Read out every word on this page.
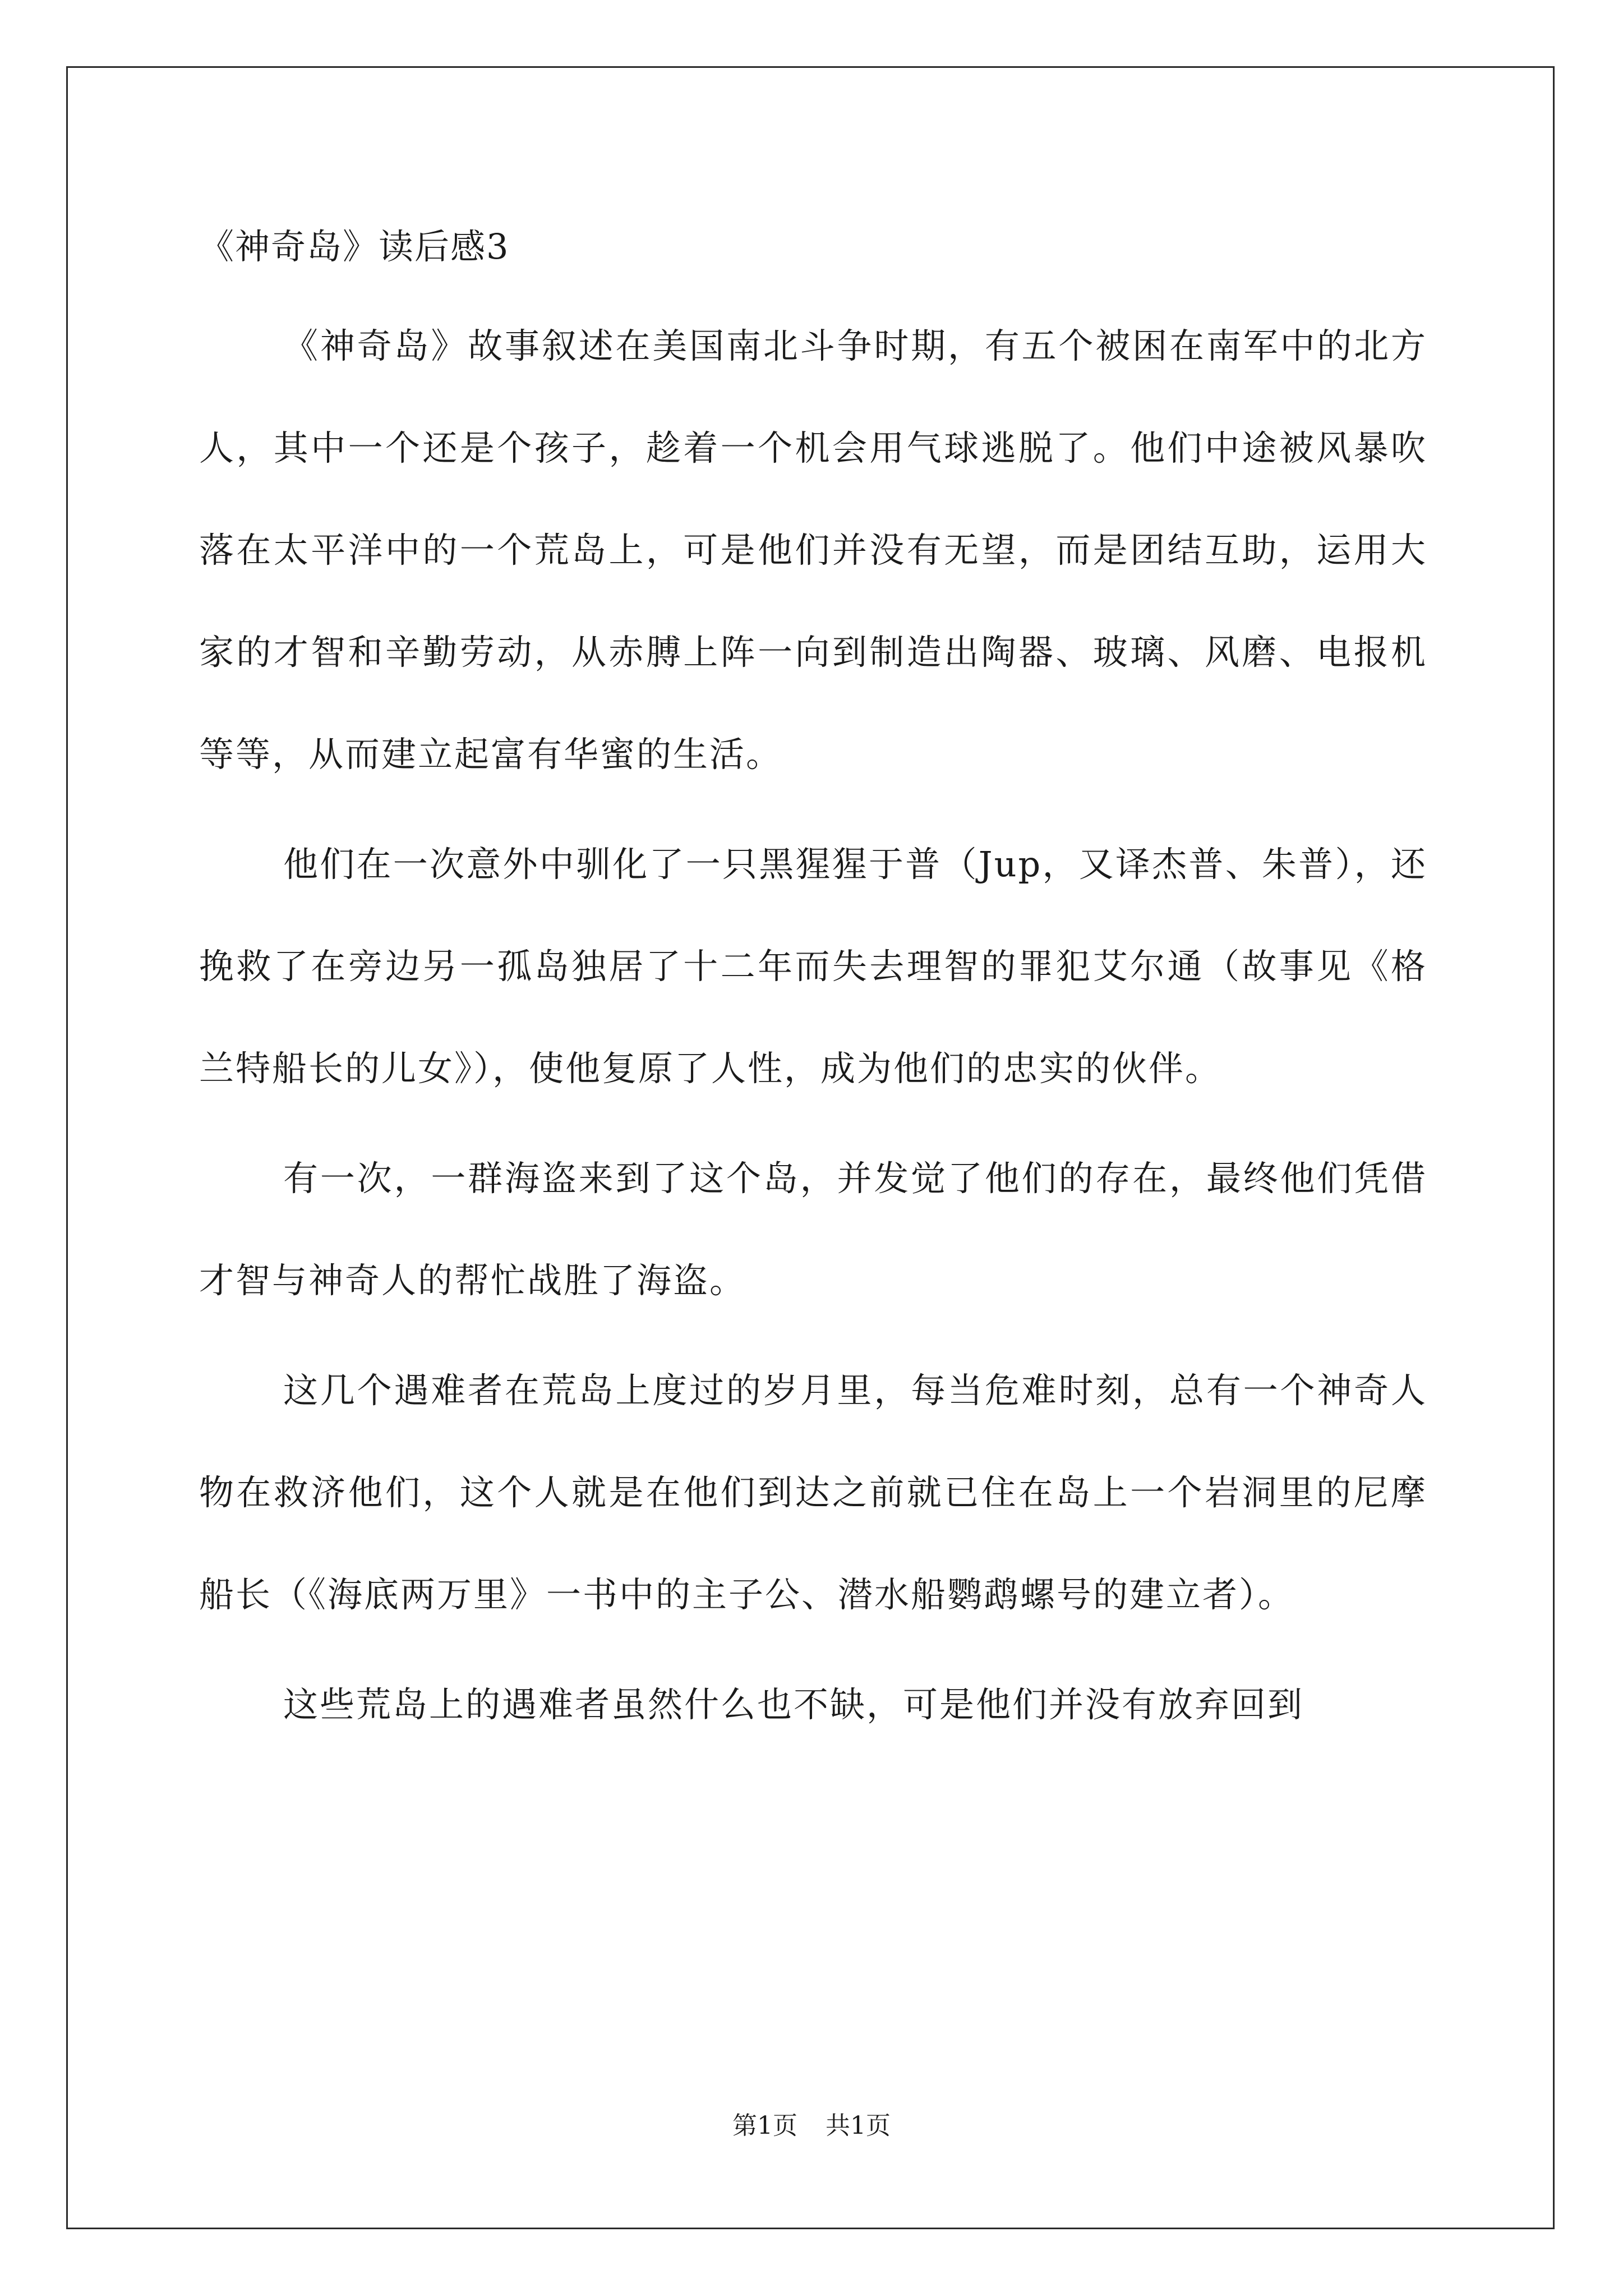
《神奇岛》读后感3

《神奇岛》故事叙述在美国南北斗争时期，有五个被困在南军中的北方人，其中一个还是个孩子，趁着一个机会用气球逃脱了。他们中途被风暴吹落在太平洋中的一个荒岛上，可是他们并没有无望，而是团结互助，运用大家的才智和辛勤劳动，从赤膊上阵一向到制造出陶器、玻璃、风磨、电报机等等，从而建立起富有华蜜的生活。

他们在一次意外中驯化了一只黑猩猩于普（Jup，又译杰普、朱普），还挽救了在旁边另一孤岛独居了十二年而失去理智的罪犯艾尔通（故事见《格兰特船长的儿女》），使他复原了人性，成为他们的忠实的伙伴。

有一次，一群海盗来到了这个岛，并发觉了他们的存在，最终他们凭借才智与神奇人的帮忙战胜了海盗。

这几个遇难者在荒岛上度过的岁月里，每当危难时刻，总有一个神奇人物在救济他们，这个人就是在他们到达之前就已住在岛上一个岩洞里的尼摩船长（《海底两万里》一书中的主子公、潜水船鹦鹉螺号的建立者）。

这些荒岛上的遇难者虽然什么也不缺，可是他们并没有放弃回到

第1页 共1页
